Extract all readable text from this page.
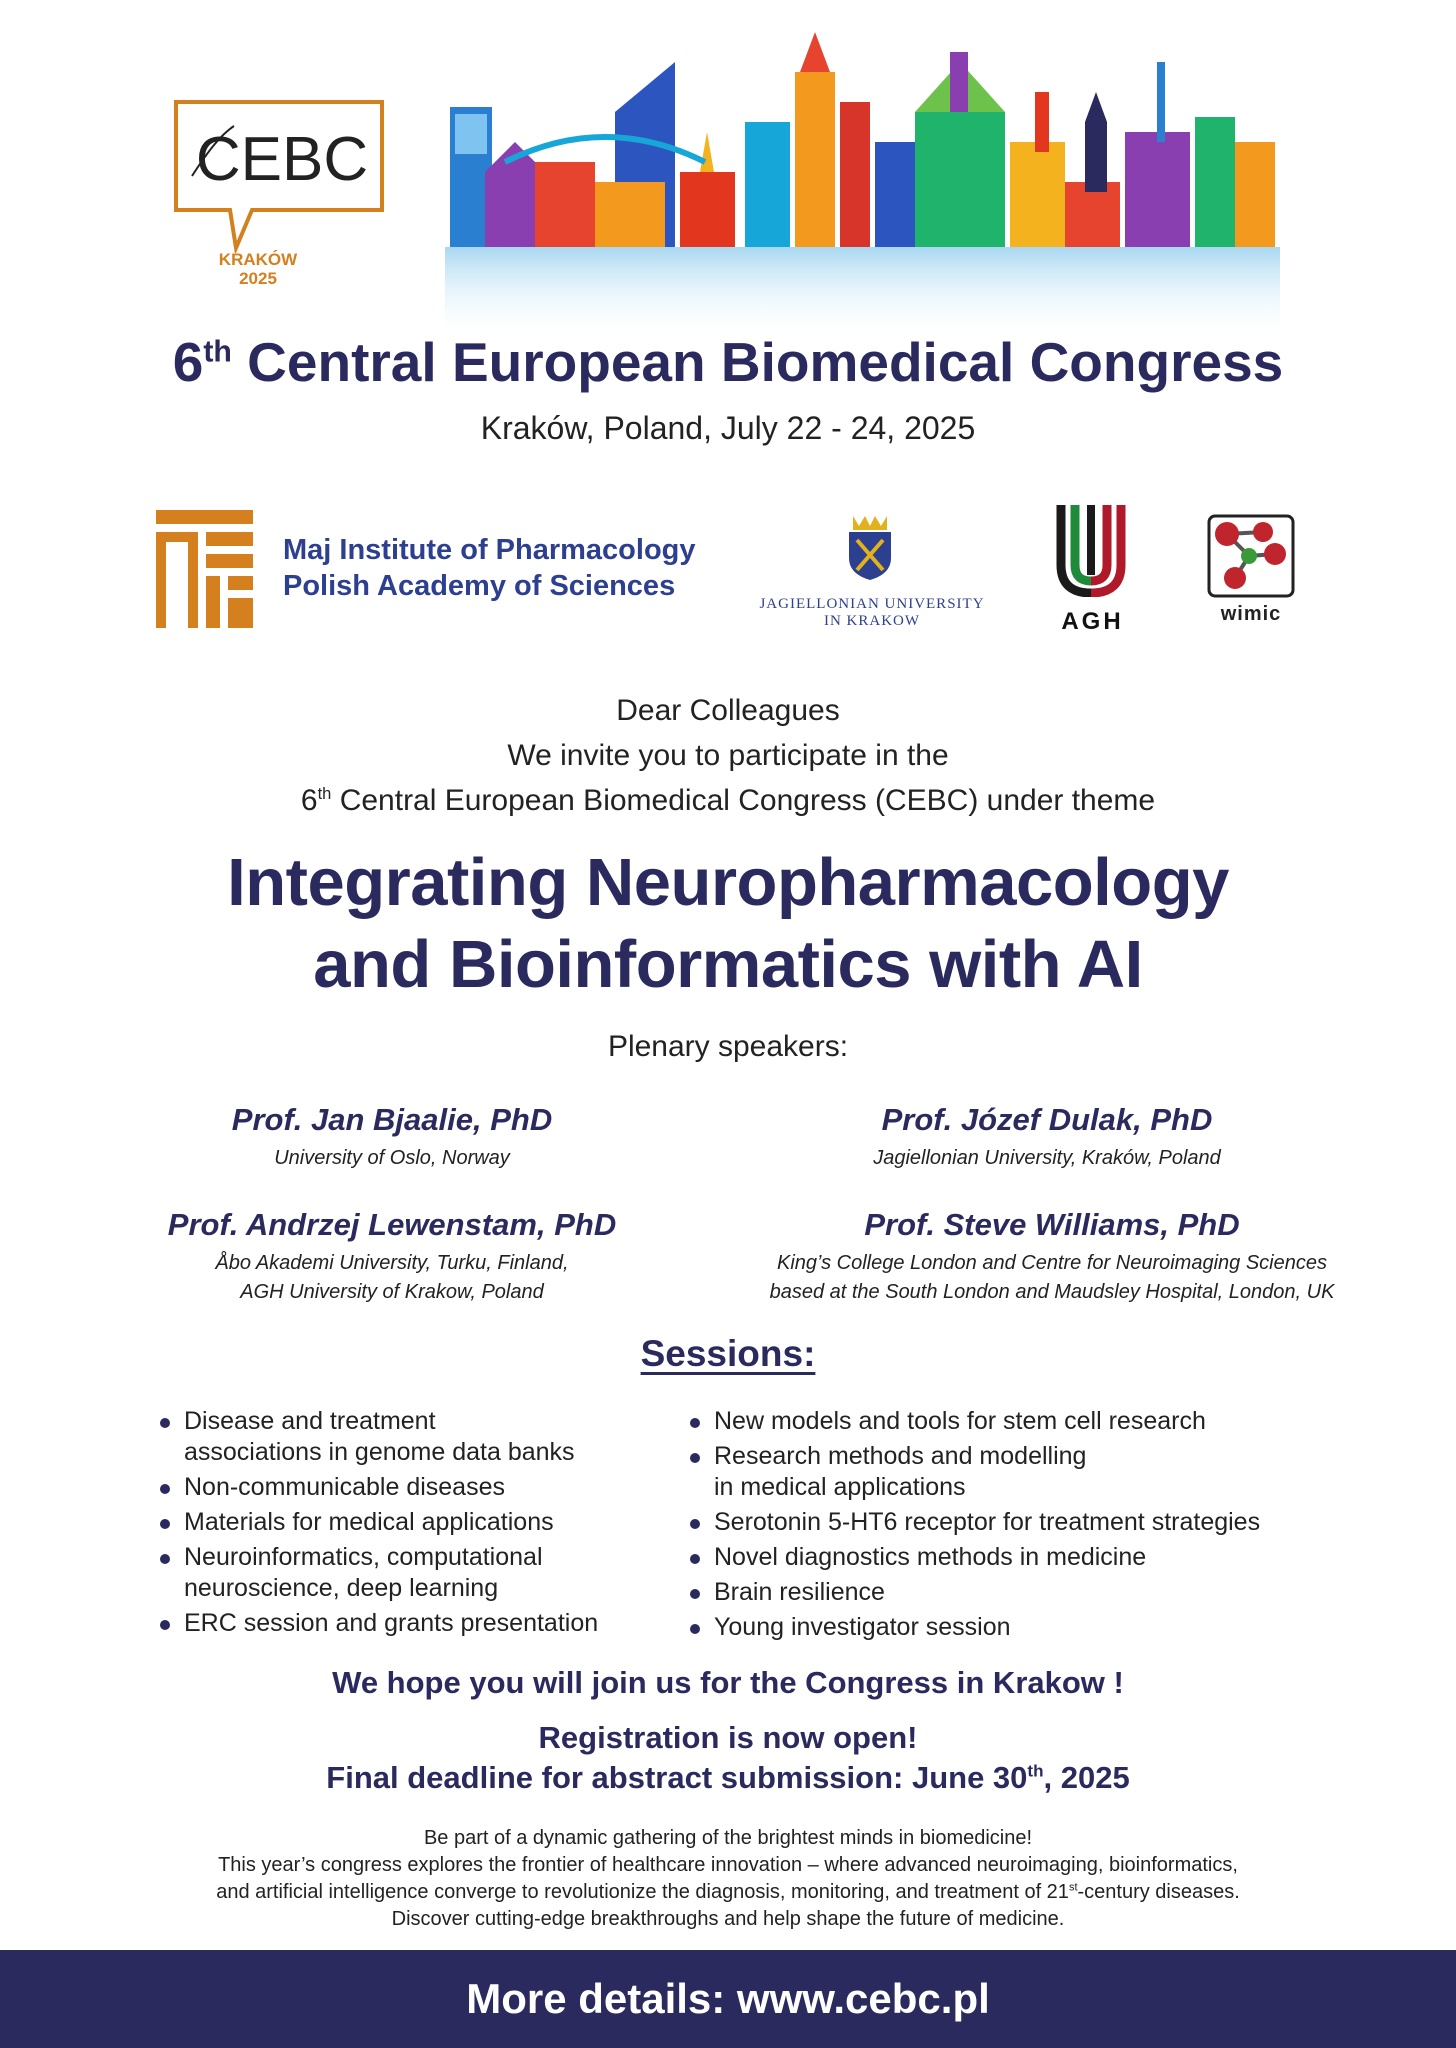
CEBC
KRAKÓW
2025
6th Central European Biomedical Congress
Kraków, Poland, July 22 - 24, 2025
Maj Institute of Pharmacology
Polish Academy of Sciences
JAGIELLONIAN UNIVERSITY
IN KRAKOW	AGH	wimic
Dear Colleagues
We invite you to participate in the
6th Central European Biomedical Congress (CEBC) under theme
Integrating Neuropharmacology
and Bioinformatics with AI
Plenary speakers:
Prof. Jan Bjaalie, PhD
University of Oslo, Norway
Prof. Józef Dulak, PhD
Jagiellonian University, Kraków, Poland
Prof. Andrzej Lewenstam, PhD
Åbo Akademi University, Turku, Finland,
AGH University of Krakow, Poland
Prof. Steve Williams, PhD
King’s College London and Centre for Neuroimaging Sciences
based at the South London and Maudsley Hospital, London, UK
Sessions:
Disease and treatment
associations in genome data banks
Non-communicable diseases
Materials for medical applications
Neuroinformatics, computational
neuroscience, deep learning
ERC session and grants presentation
New models and tools for stem cell research
Research methods and modelling
in medical applications
Serotonin 5-HT6 receptor for treatment strategies
Novel diagnostics methods in medicine
Brain resilience
Young investigator session
We hope you will join us for the Congress in Krakow !
Registration is now open!
Final deadline for abstract submission: June 30th, 2025
Be part of a dynamic gathering of the brightest minds in biomedicine!
This year’s congress explores the frontier of healthcare innovation – where advanced neuroimaging, bioinformatics,
and artificial intelligence converge to revolutionize the diagnosis, monitoring, and treatment of 21st-century diseases.
Discover cutting-edge breakthroughs and help shape the future of medicine.
More details: www.cebc.pl
